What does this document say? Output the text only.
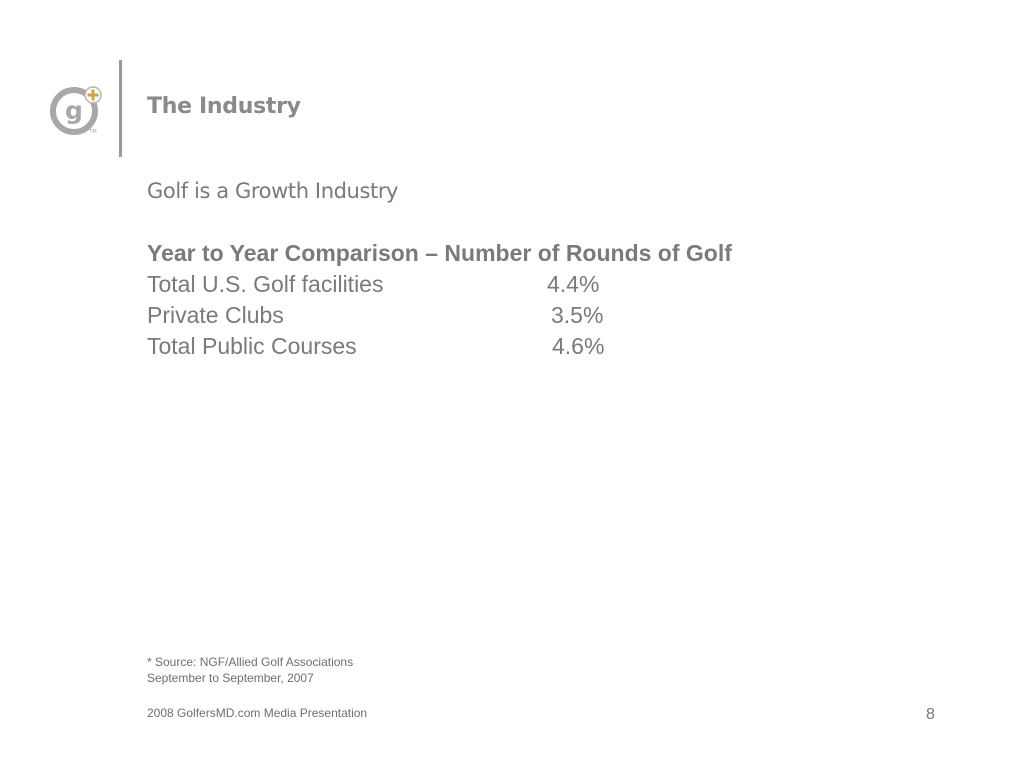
g
TM
The Industry

Golf is a Growth Industry

Year to Year Comparison – Number of Rounds of Golf

Total U.S. Golf facilities	4.4%
Private Clubs	3.5%
Total Public Courses	4.6%
* Source: NGF/Allied Golf Associations
September to September, 2007
2008 GolfersMD.com Media Presentation	8
